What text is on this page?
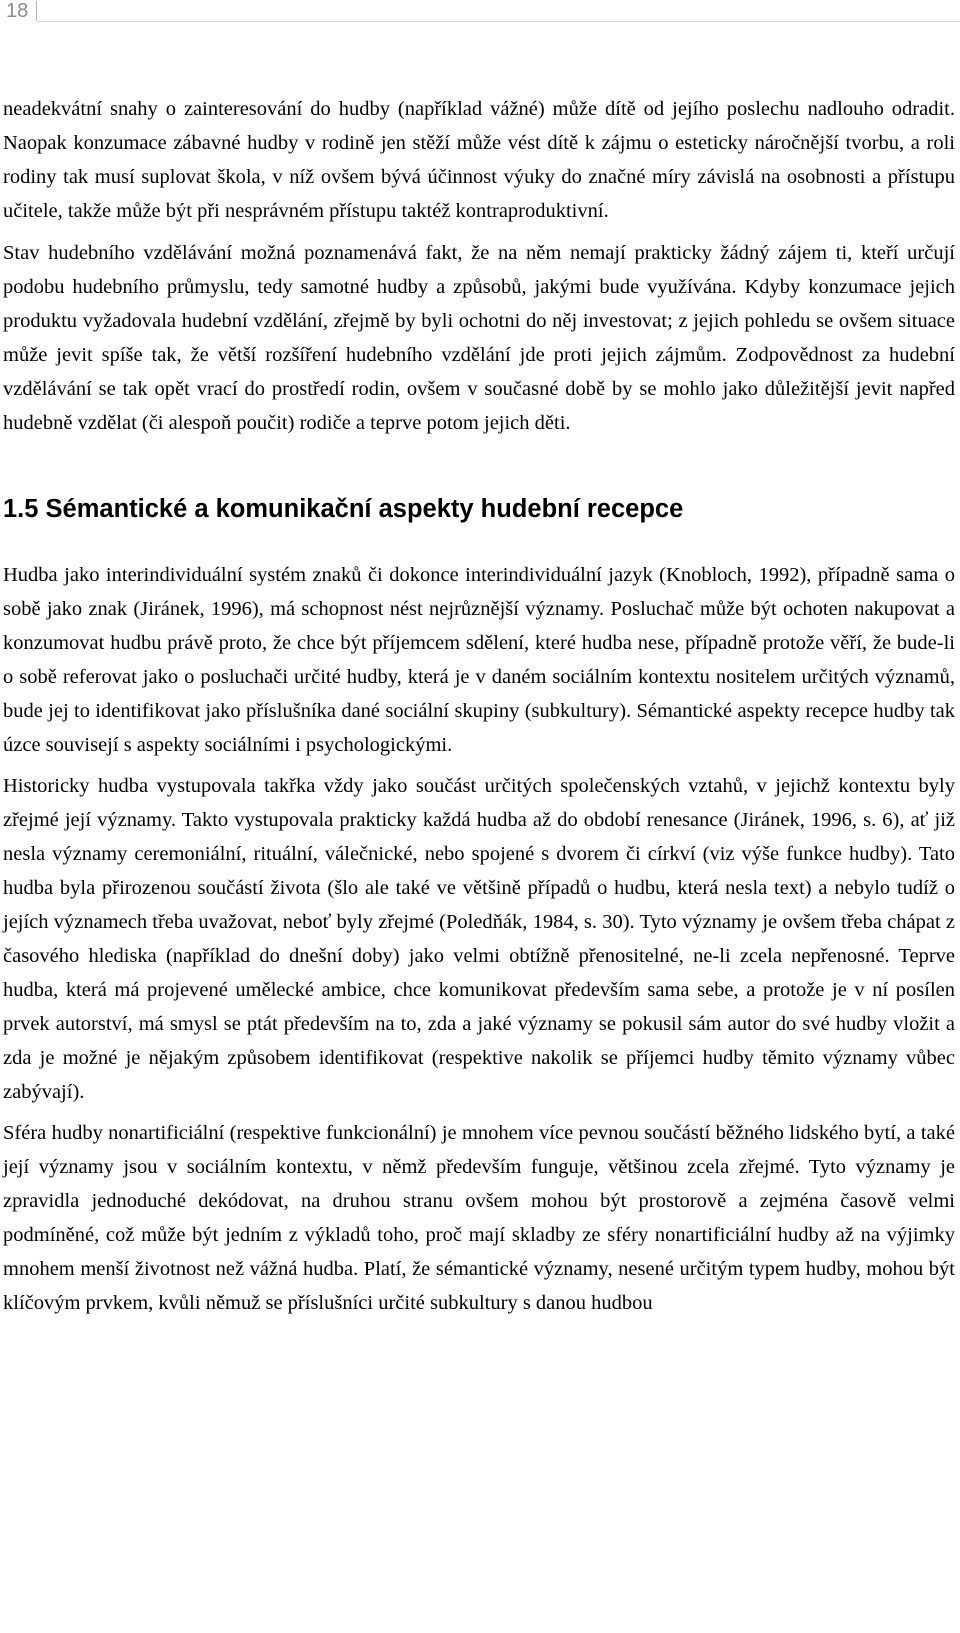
18

neadekvátní snahy o zainteresování do hudby (například vážné) může dítě od jejího poslechu nadlouho odradit. Naopak konzumace zábavné hudby v rodině jen stěží může vést dítě k zájmu o esteticky náročnější tvorbu, a roli rodiny tak musí suplovat škola, v níž ovšem bývá účinnost výuky do značné míry závislá na osobnosti a přístupu učitele, takže může být při nesprávném přístupu taktéž kontraproduktivní.

Stav hudebního vzdělávání možná poznamenává fakt, že na něm nemají prakticky žádný zájem ti, kteří určují podobu hudebního průmyslu, tedy samotné hudby a způsobů, jakými bude využívána. Kdyby konzumace jejich produktu vyžadovala hudební vzdělání, zřejmě by byli ochotni do něj investovat; z jejich pohledu se ovšem situace může jevit spíše tak, že větší rozšíření hudebního vzdělání jde proti jejich zájmům. Zodpovědnost za hudební vzdělávání se tak opět vrací do prostředí rodin, ovšem v současné době by se mohlo jako důležitější jevit napřed hudebně vzdělat (či alespoň poučit) rodiče a teprve potom jejich děti.

1.5 Sémantické a komunikační aspekty hudební recepce

Hudba jako interindividuální systém znaků či dokonce interindividuální jazyk (Knobloch, 1992), případně sama o sobě jako znak (Jiránek, 1996), má schopnost nést nejrůznější významy. Posluchač může být ochoten nakupovat a konzumovat hudbu právě proto, že chce být příjemcem sdělení, které hudba nese, případně protože věří, že bude-li o sobě referovat jako o posluchači určité hudby, která je v daném sociálním kontextu nositelem určitých významů, bude jej to identifikovat jako příslušníka dané sociální skupiny (subkultury). Sémantické aspekty recepce hudby tak úzce souvisejí s aspekty sociálními i psychologickými.

Historicky hudba vystupovala takřka vždy jako součást určitých společenských vztahů, v jejichž kontextu byly zřejmé její významy. Takto vystupovala prakticky každá hudba až do období renesance (Jiránek, 1996, s. 6), ať již nesla významy ceremoniální, rituální, válečnické, nebo spojené s dvorem či církví (viz výše funkce hudby). Tato hudba byla přirozenou součástí života (šlo ale také ve většině případů o hudbu, která nesla text) a nebylo tudíž o jejích významech třeba uvažovat, neboť byly zřejmé (Poledňák, 1984, s. 30). Tyto významy je ovšem třeba chápat z časového hlediska (například do dnešní doby) jako velmi obtížně přenositelné, ne-li zcela nepřenosné. Teprve hudba, která má projevené umělecké ambice, chce komunikovat především sama sebe, a protože je v ní posílen prvek autorství, má smysl se ptát především na to, zda a jaké významy se pokusil sám autor do své hudby vložit a zda je možné je nějakým způsobem identifikovat (respektive nakolik se příjemci hudby těmito významy vůbec zabývají).

Sféra hudby nonartificiální (respektive funkcionální) je mnohem více pevnou součástí běžného lidského bytí, a také její významy jsou v sociálním kontextu, v němž především funguje, většinou zcela zřejmé. Tyto významy je zpravidla jednoduché dekódovat, na druhou stranu ovšem mohou být prostorově a zejména časově velmi podmíněné, což může být jedním z výkladů toho, proč mají skladby ze sféry nonartificiální hudby až na výjimky mnohem menší životnost než vážná hudba. Platí, že sémantické významy, nesené určitým typem hudby, mohou být klíčovým prvkem, kvůli němuž se příslušníci určité subkultury s danou hudbou
